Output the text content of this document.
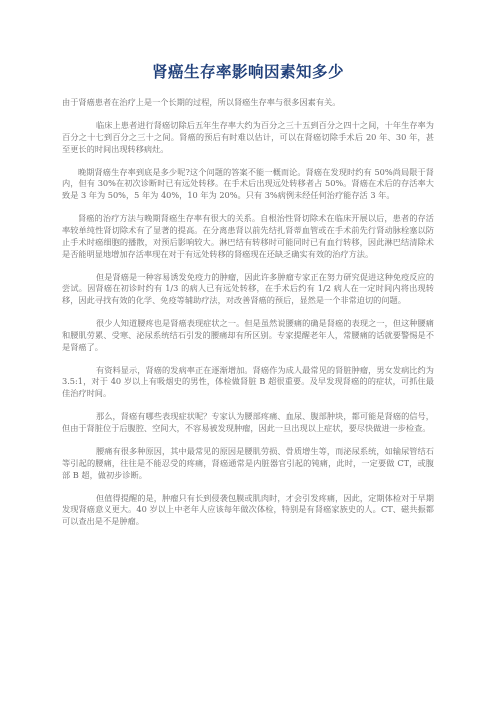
肾癌生存率影响因素知多少

由于肾癌患者在治疗上是一个长期的过程，所以肾癌生存率与很多因素有关。

临床上患者进行肾癌切除后五年生存率大约为百分之三十五到百分之四十之间，十年生存率为百分之十七到百分之三十之间。肾癌的预后有时难以估计，可以在肾癌切除手术后 20 年、30 年，甚至更长的时间出现转移病灶。

晚期肾癌生存率到底是多少呢?这个问题的答案不能一概而论。肾癌在发现时约有 50%尚局限于肾内，但有 30%在初次诊断时已有远处转移。在手术后出现远处转移者占 50%。肾癌在术后的存活率大致是 3 年为 50%，5 年为 40%，10 年为 20%。只有 3%病例未经任何治疗能存活 3 年。

肾癌的治疗方法与晚期肾癌生存率有很大的关系。自根治性肾切除术在临床开展以后，患者的存活率较单纯性肾切除术有了显著的提高。在分离患肾以前先结扎肾蒂血管或在手术前先行肾动脉栓塞以防止手术时癌细胞的播散，对预后影响较大。淋巴结有转移时可能同时已有血行转移，因此淋巴结清除术是否能明显地增加存活率现在对于有远处转移的肾癌现在还缺乏确实有效的治疗方法。

但是肾癌是一种容易诱发免疫力的肿瘤，因此许多肿瘤专家正在努力研究促进这种免疫反应的尝试。因肾癌在初诊时约有 1/3 的病人已有远处转移，在手术后约有 1/2 病人在一定时间内将出现转移，因此寻找有效的化学、免疫等辅助疗法，对改善肾癌的预后，显然是一个非常迫切的问题。

很少人知道腰疼也是肾癌表现症状之一。但是虽然说腰痛的确是肾癌的表现之一，但这种腰痛和腰肌劳累、受寒、泌尿系统结石引发的腰痛却有所区别。专家提醒老年人，常腰痛的话就要警惕是不是肾癌了。

有资料显示，肾癌的发病率正在逐渐增加。肾癌作为成人最常见的肾脏肿瘤，男女发病比约为 3.5:1，对于 40 岁以上有吸烟史的男性，体检做肾脏 B 超很重要。及早发现肾癌的的症状，可抓住最佳治疗时间。

那么，肾癌有哪些表现症状呢？专家认为腰部疼痛、血尿、腹部肿块，都可能是肾癌的信号，但由于肾脏位于后腹腔、空间大，不容易被发现肿瘤，因此一旦出现以上症状，要尽快做进一步检查。

腰痛有很多种原因，其中最常见的原因是腰肌劳损、骨质增生等，而泌尿系统，如输尿管结石等引起的腰痛，往往是不能忍受的疼痛，肾癌通常是内脏器官引起的钝痛，此时，一定要做 CT，或腹部 B 超，做初步诊断。

但值得提醒的是，肿瘤只有长到侵袭包膜或肌肉时，才会引发疼痛，因此，定期体检对于早期发现肾癌意义更大。40 岁以上中老年人应该每年做次体检，特别是有肾癌家族史的人。CT、磁共振都可以查出是不是肿瘤。
